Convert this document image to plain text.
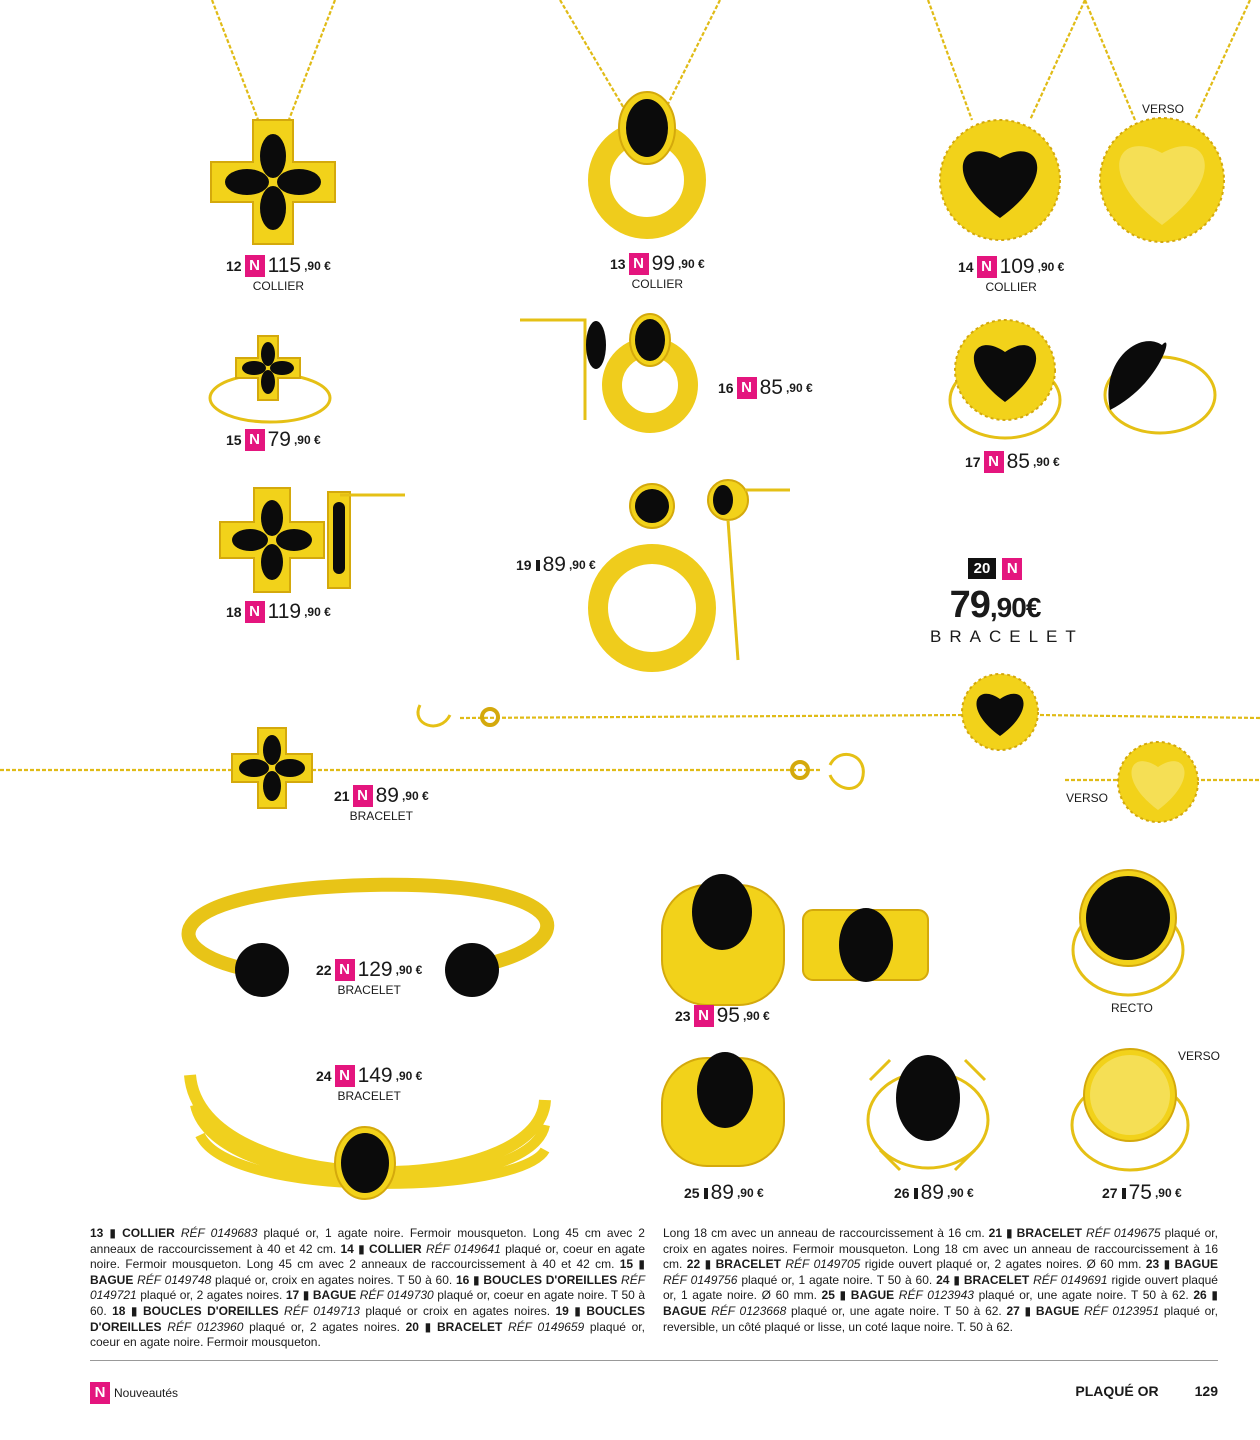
12 N 115 ,90 €
COLLIER
13 N 99 ,90 €
COLLIER
14 N 109 ,90 €
COLLIER
VERSO
15 N 79 ,90 €
16 N 85 ,90 €
17 N 85 ,90 €
18 N 119 ,90 €
19 89 ,90 €	20 N
79,90€
BRACELET
21 N 89 ,90 €
BRACELET
VERSO
22 N 129 ,90 €
BRACELET
23 N 95 ,90 €
RECTO
24 N 149 ,90 €
BRACELET
VERSO
25 89 ,90 €	26 89 ,90 €	27 75 ,90 €
13 ▮ COLLIER RÉF 0149683 plaqué or, 1 agate noire. Fermoir mousqueton. Long 45 cm avec 2 anneaux de raccourcissement à 40 et 42 cm. 14 ▮ COLLIER RÉF 0149641 plaqué or, coeur en agate noire. Fermoir mousqueton. Long 45 cm avec 2 anneaux de raccourcissement à 40 et 42 cm. 15 ▮ BAGUE RÉF 0149748 plaqué or, croix en agates noires. T 50 à 60. 16 ▮ BOUCLES D'OREILLES RÉF 0149721 plaqué or, 2 agates noires. 17 ▮ BAGUE RÉF 0149730 plaqué or, coeur en agate noire. T 50 à 60. 18 ▮ BOUCLES D'OREILLES RÉF 0149713 plaqué or croix en agates noires. 19 ▮ BOUCLES D'OREILLES RÉF 0123960 plaqué or, 2 agates noires. 20 ▮ BRACELET RÉF 0149659 plaqué or, coeur en agate noire. Fermoir mousqueton.
Long 18 cm avec un anneau de raccourcissement à 16 cm. 21 ▮ BRACELET RÉF 0149675 plaqué or, croix en agates noires. Fermoir mousqueton. Long 18 cm avec un anneau de raccourcissement à 16 cm. 22 ▮ BRACELET RÉF 0149705 rigide ouvert plaqué or, 2 agates noires. Ø 60 mm. 23 ▮ BAGUE RÉF 0149756 plaqué or, 1 agate noire. T 50 à 60. 24 ▮ BRACELET RÉF 0149691 rigide ouvert plaqué or, 1 agate noire. Ø 60 mm. 25 ▮ BAGUE RÉF 0123943 plaqué or, une agate noire. T 50 à 62. 26 ▮ BAGUE RÉF 0123668 plaqué or, une agate noire. T 50 à 62. 27 ▮ BAGUE RÉF 0123951 plaqué or, reversible, un côté plaqué or lisse, un coté laque noire. T. 50 à 62.
N Nouveautés	PLAQUÉ OR	129
